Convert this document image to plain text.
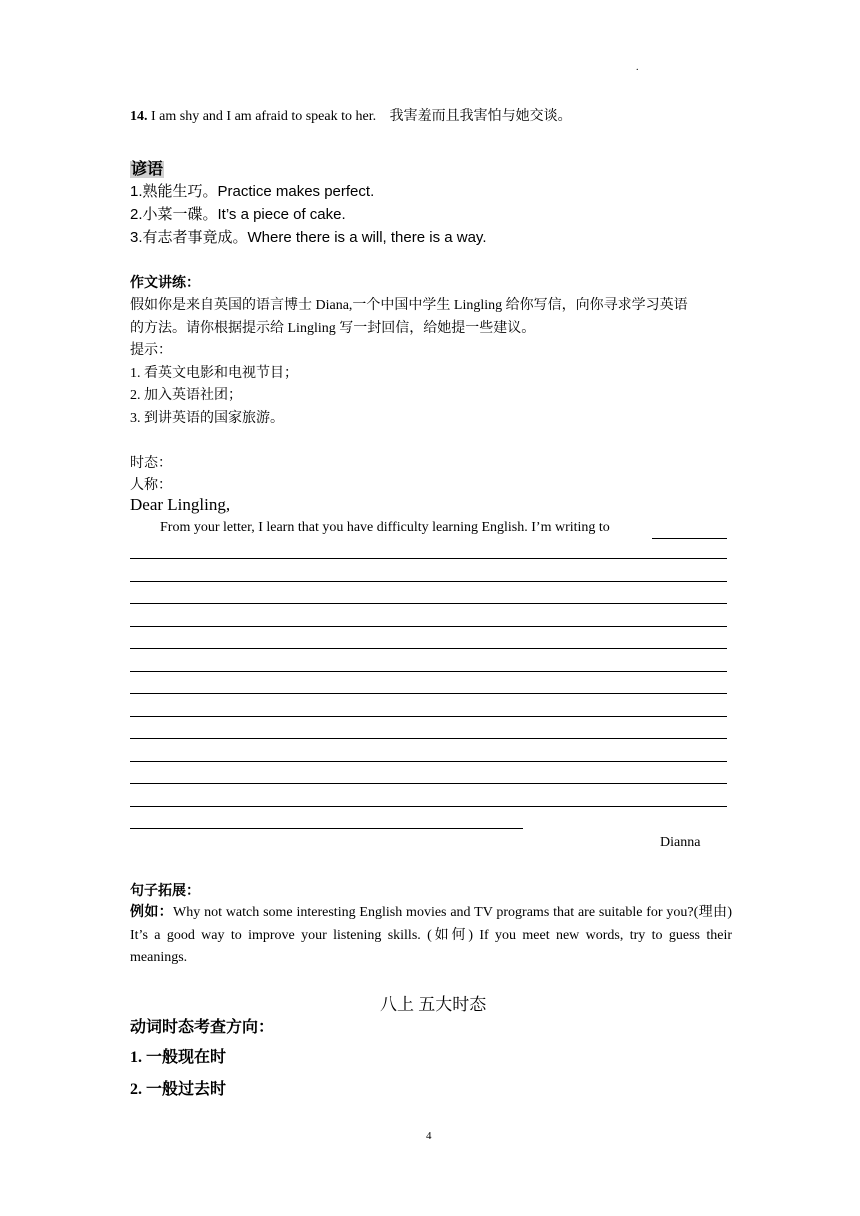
.
14. I am shy and I am afraid to speak to her. 我害羞而且我害怕与她交谈。
谚语
1.熟能生巧。Practice makes perfect.
2.小菜一碟。It’s a piece of cake.
3.有志者事竟成。Where there is a will, there is a way.
作文讲练：
假如你是来自英国的语言博士 Diana,一个中国中学生 Lingling 给你写信，向你寻求学习英语
的方法。请你根据提示给 Lingling 写一封回信，给她提一些建议。
提示：
1. 看英文电影和电视节目；
2. 加入英语社团；
3. 到讲英语的国家旅游。
时态：
人称：
Dear Lingling,
From your letter, I learn that you have difficulty learning English. I’m writing to
Dianna
句子拓展：
例如：Why not watch some interesting English movies and TV programs that are suitable for you?(理由) It’s a good way to improve your listening skills. (如何) If you meet new words, try to guess their meanings.
八上 五大时态
动词时态考查方向：
1. 一般现在时
2. 一般过去时
4
